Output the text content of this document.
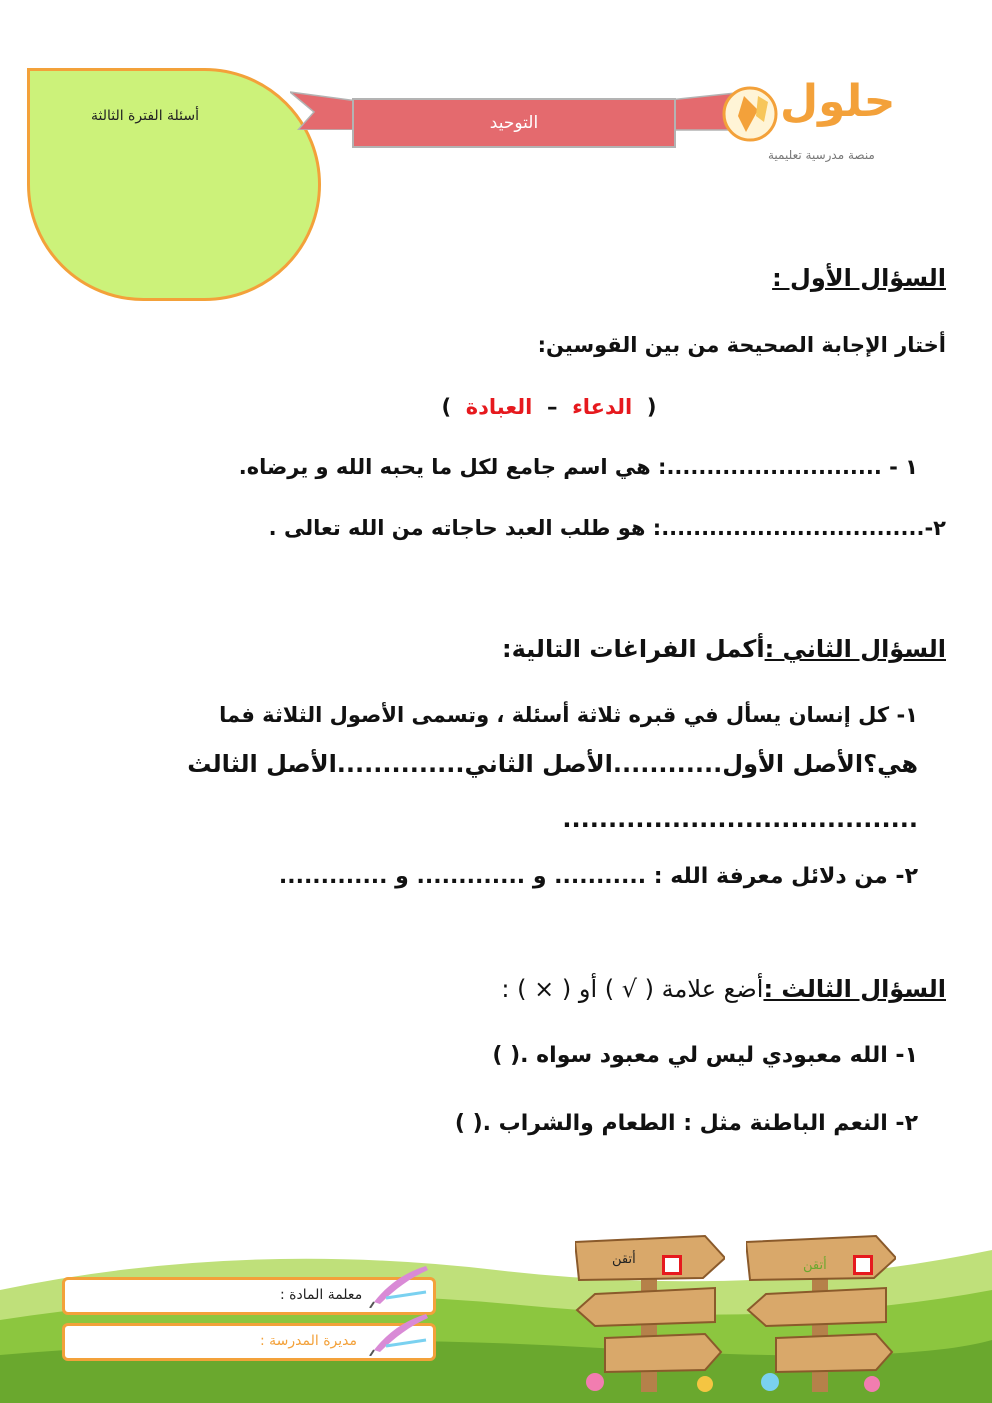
أسئلة الفترة الثالثة	التوحيد	حلول
منصة مدرسية تعليمية
السؤال الأول :
أختار الإجابة الصحيحة من بين القوسين:
(  الدعاء  –  العبادة  )
١ - ...........................: هي اسم جامع لكل ما يحبه الله و يرضاه.
٢-.................................: هو طلب العبد حاجاته من الله تعالى .
السؤال الثاني :أكمل الفراغات التالية:
١- كل إنسان يسأل في قبره ثلاثة أسئلة ، وتسمى الأصول الثلاثة فما
هي؟الأصل الأول............الأصل الثاني..............الأصل الثالث
.......................................
٢- من دلائل معرفة الله : ........... و ............. و .............
السؤال الثالث :أضع علامة ( √ ) أو ( × ) :
١- الله معبودي ليس لي معبود سواه .( )
٢- النعم الباطنة مثل : الطعام والشراب .( )
أتقن	أتقن
معلمة المادة :
مديرة المدرسة :
